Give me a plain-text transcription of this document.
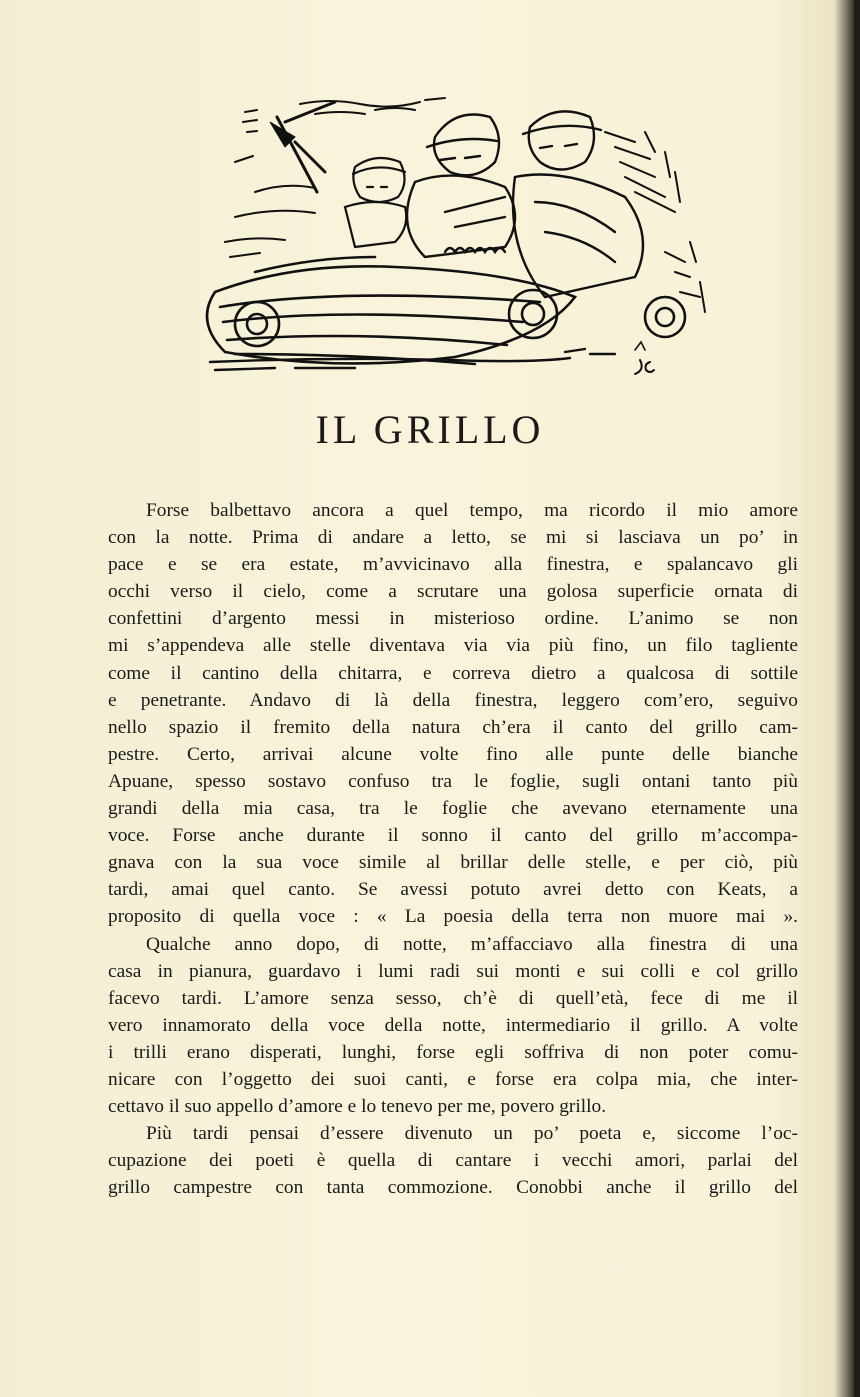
IL GRILLO
Forse balbettavo ancora a quel tempo, ma ricordo il mio amore
con la notte. Prima di andare a letto, se mi si lasciava un po’ in
pace e se era estate, m’avvicinavo alla finestra, e spalancavo gli
occhi verso il cielo, come a scrutare una golosa superficie ornata di
confettini d’argento messi in misterioso ordine. L’animo se non
mi s’appendeva alle stelle diventava via via più fino, un filo tagliente
come il cantino della chitarra, e correva dietro a qualcosa di sottile
e penetrante. Andavo di là della finestra, leggero com’ero, seguivo
nello spazio il fremito della natura ch’era il canto del grillo cam-
pestre. Certo, arrivai alcune volte fino alle punte delle bianche
Apuane, spesso sostavo confuso tra le foglie, sugli ontani tanto più
grandi della mia casa, tra le foglie che avevano eternamente una
voce. Forse anche durante il sonno il canto del grillo m’accompa-
gnava con la sua voce simile al brillar delle stelle, e per ciò, più
tardi, amai quel canto. Se avessi potuto avrei detto con Keats, a
proposito di quella voce : « La poesia della terra non muore mai ».
Qualche anno dopo, di notte, m’affacciavo alla finestra di una
casa in pianura, guardavo i lumi radi sui monti e sui colli e col grillo
facevo tardi. L’amore senza sesso, ch’è di quell’età, fece di me il
vero innamorato della voce della notte, intermediario il grillo. A volte
i trilli erano disperati, lunghi, forse egli soffriva di non poter comu-
nicare con l’oggetto dei suoi canti, e forse era colpa mia, che inter-
cettavo il suo appello d’amore e lo tenevo per me, povero grillo.
Più tardi pensai d’essere divenuto un po’ poeta e, siccome l’oc-
cupazione dei poeti è quella di cantare i vecchi amori, parlai del
grillo campestre con tanta commozione. Conobbi anche il grillo del
